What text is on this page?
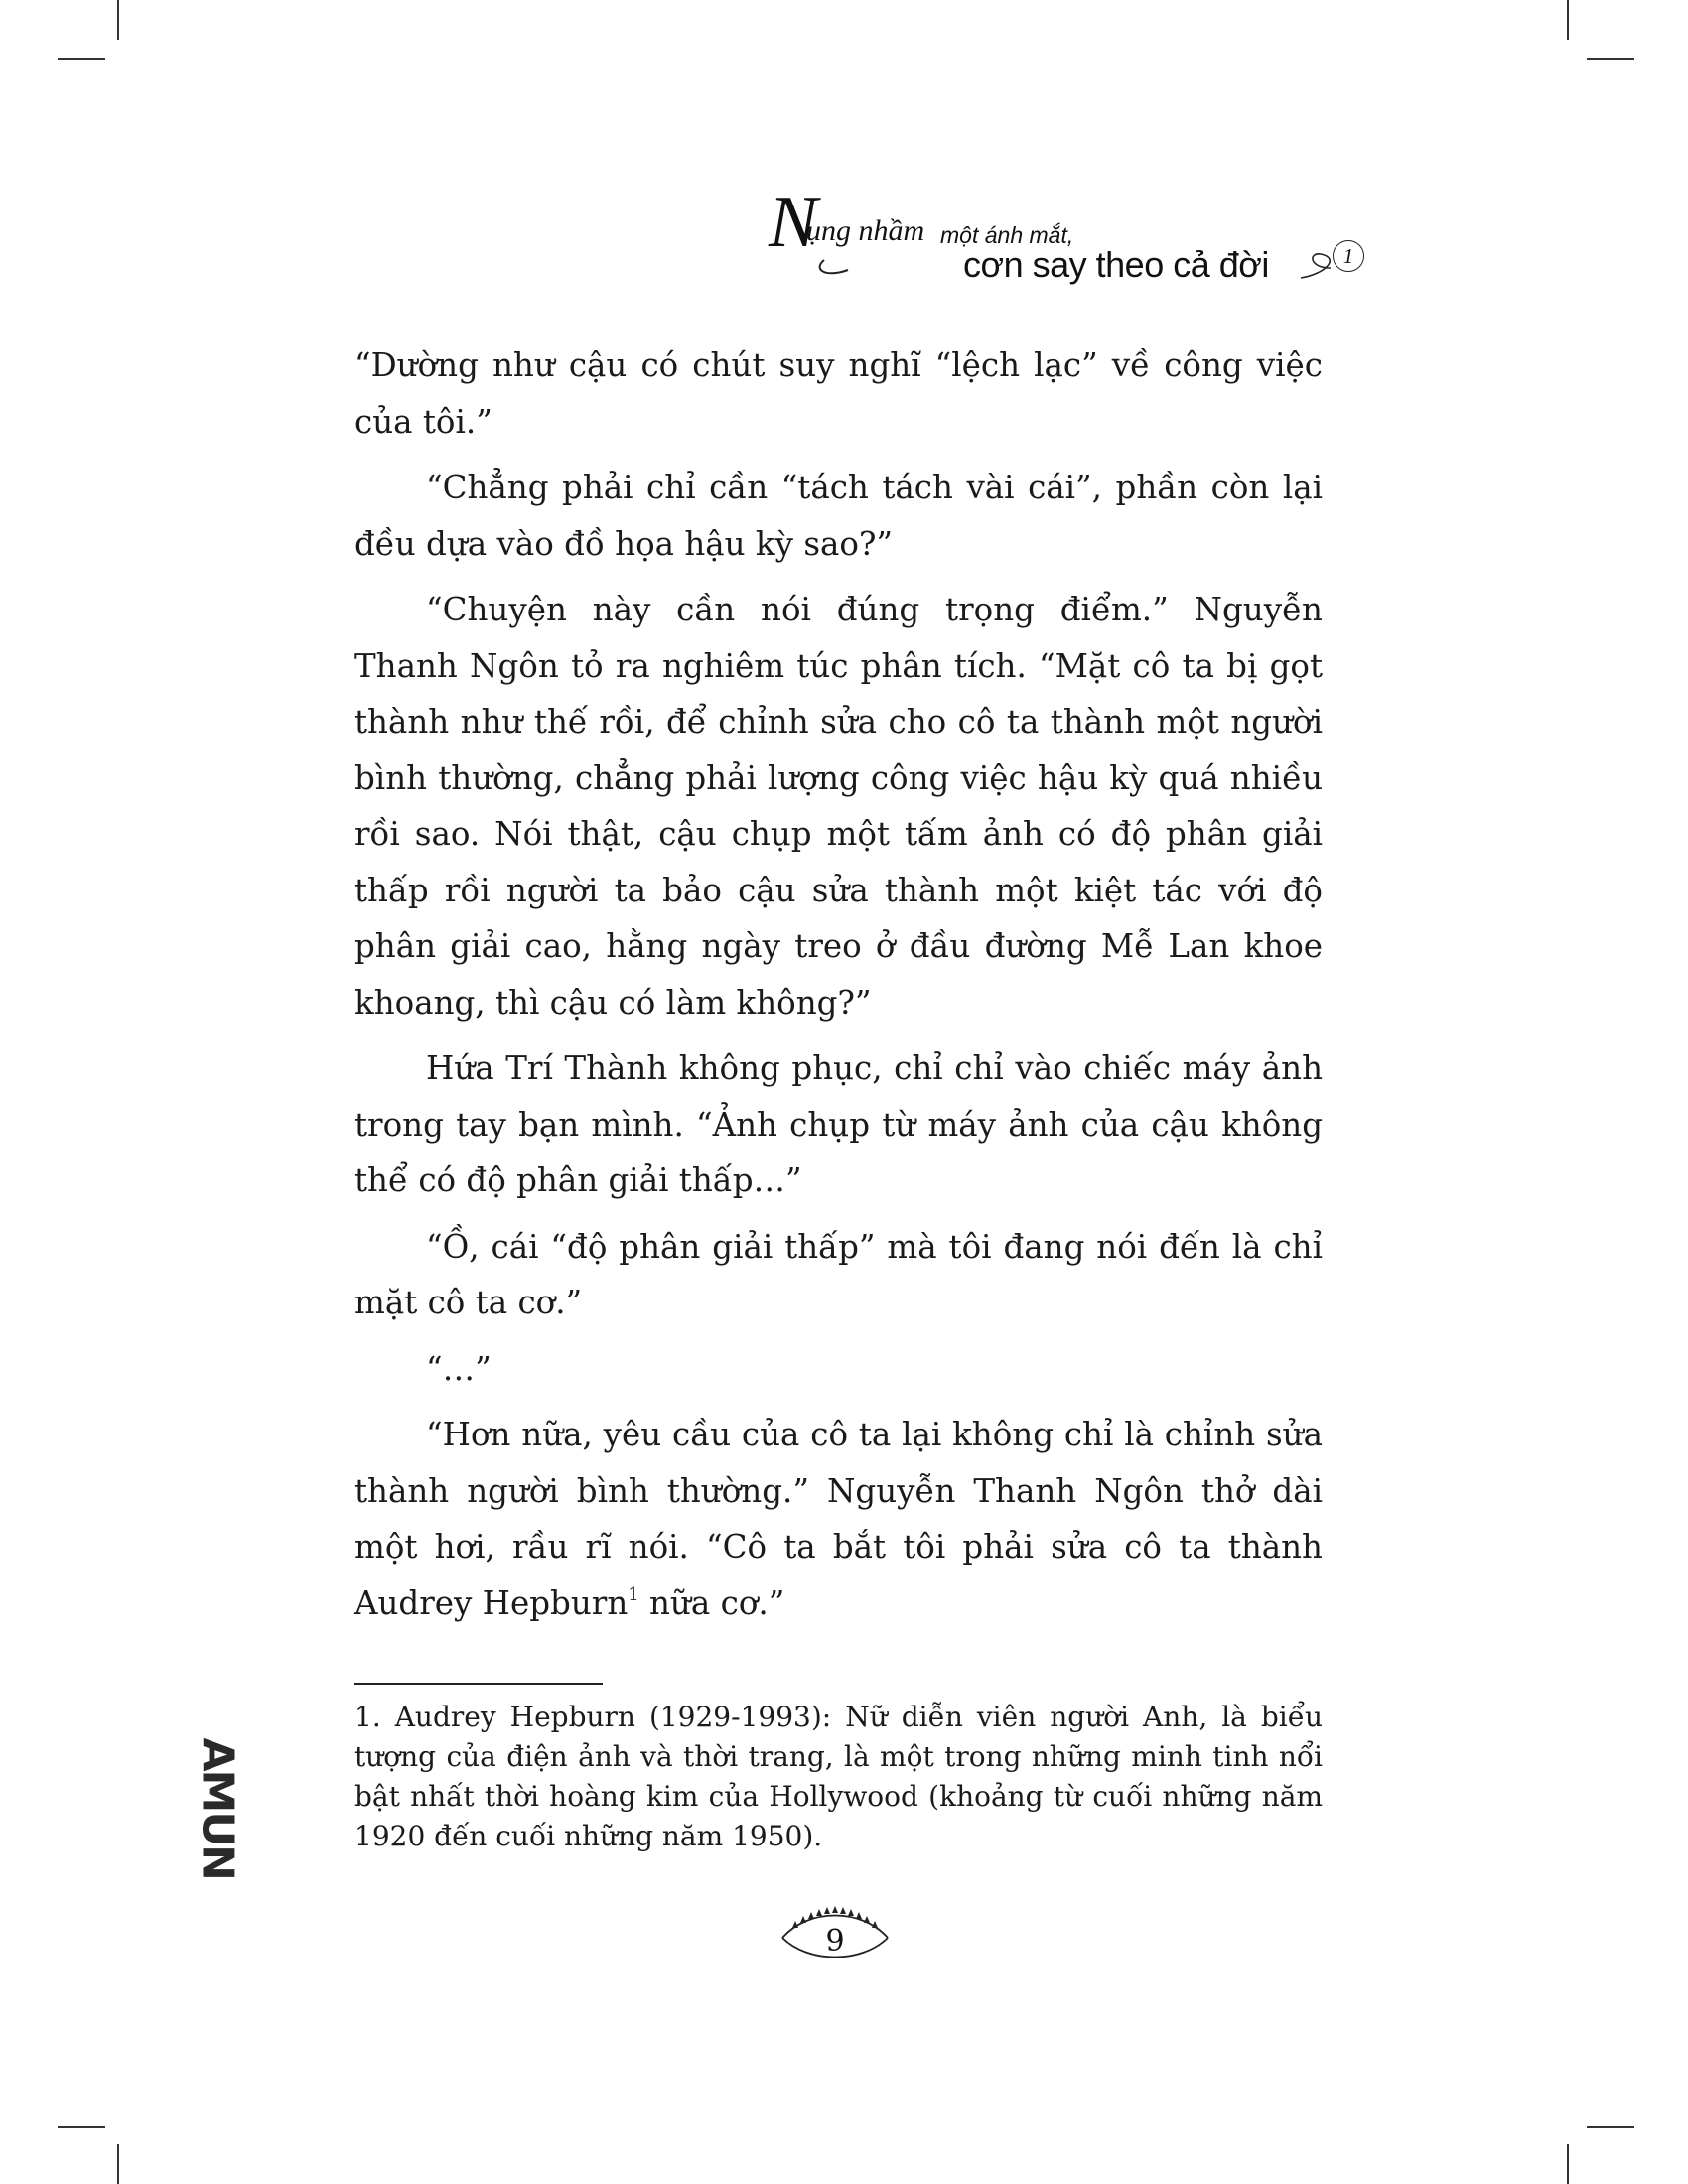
N
ụng nhầm một ánh mắt,
cơn say theo cả đời	1

“Dường như cậu có chút suy nghĩ “lệch lạc” về công việc của tôi.”

“Chẳng phải chỉ cần “tách tách vài cái”, phần còn lại đều dựa vào đồ họa hậu kỳ sao?”

“Chuyện này cần nói đúng trọng điểm.” Nguyễn Thanh Ngôn tỏ ra nghiêm túc phân tích. “Mặt cô ta bị gọt thành như thế rồi, để chỉnh sửa cho cô ta thành một người bình thường, chẳng phải lượng công việc hậu kỳ quá nhiều rồi sao. Nói thật, cậu chụp một tấm ảnh có độ phân giải thấp rồi người ta bảo cậu sửa thành một kiệt tác với độ phân giải cao, hằng ngày treo ở đầu đường Mễ Lan khoe khoang, thì cậu có làm không?”

Hứa Trí Thành không phục, chỉ chỉ vào chiếc máy ảnh trong tay bạn mình. “Ảnh chụp từ máy ảnh của cậu không thể có độ phân giải thấp…”

“Ồ, cái “độ phân giải thấp” mà tôi đang nói đến là chỉ mặt cô ta cơ.”

“…”

“Hơn nữa, yêu cầu của cô ta lại không chỉ là chỉnh sửa thành người bình thường.” Nguyễn Thanh Ngôn thở dài một hơi, rầu rĩ nói. “Cô ta bắt tôi phải sửa cô ta thành Audrey Hepburn$^1$ nữa cơ.”

1. Audrey Hepburn (1929-1993): Nữ diễn viên người Anh, là biểu tượng của điện ảnh và thời trang, là một trong những minh tinh nổi bật nhất thời hoàng kim của Hollywood (khoảng từ cuối những năm 1920 đến cuối những năm 1950).

AMUN
9
